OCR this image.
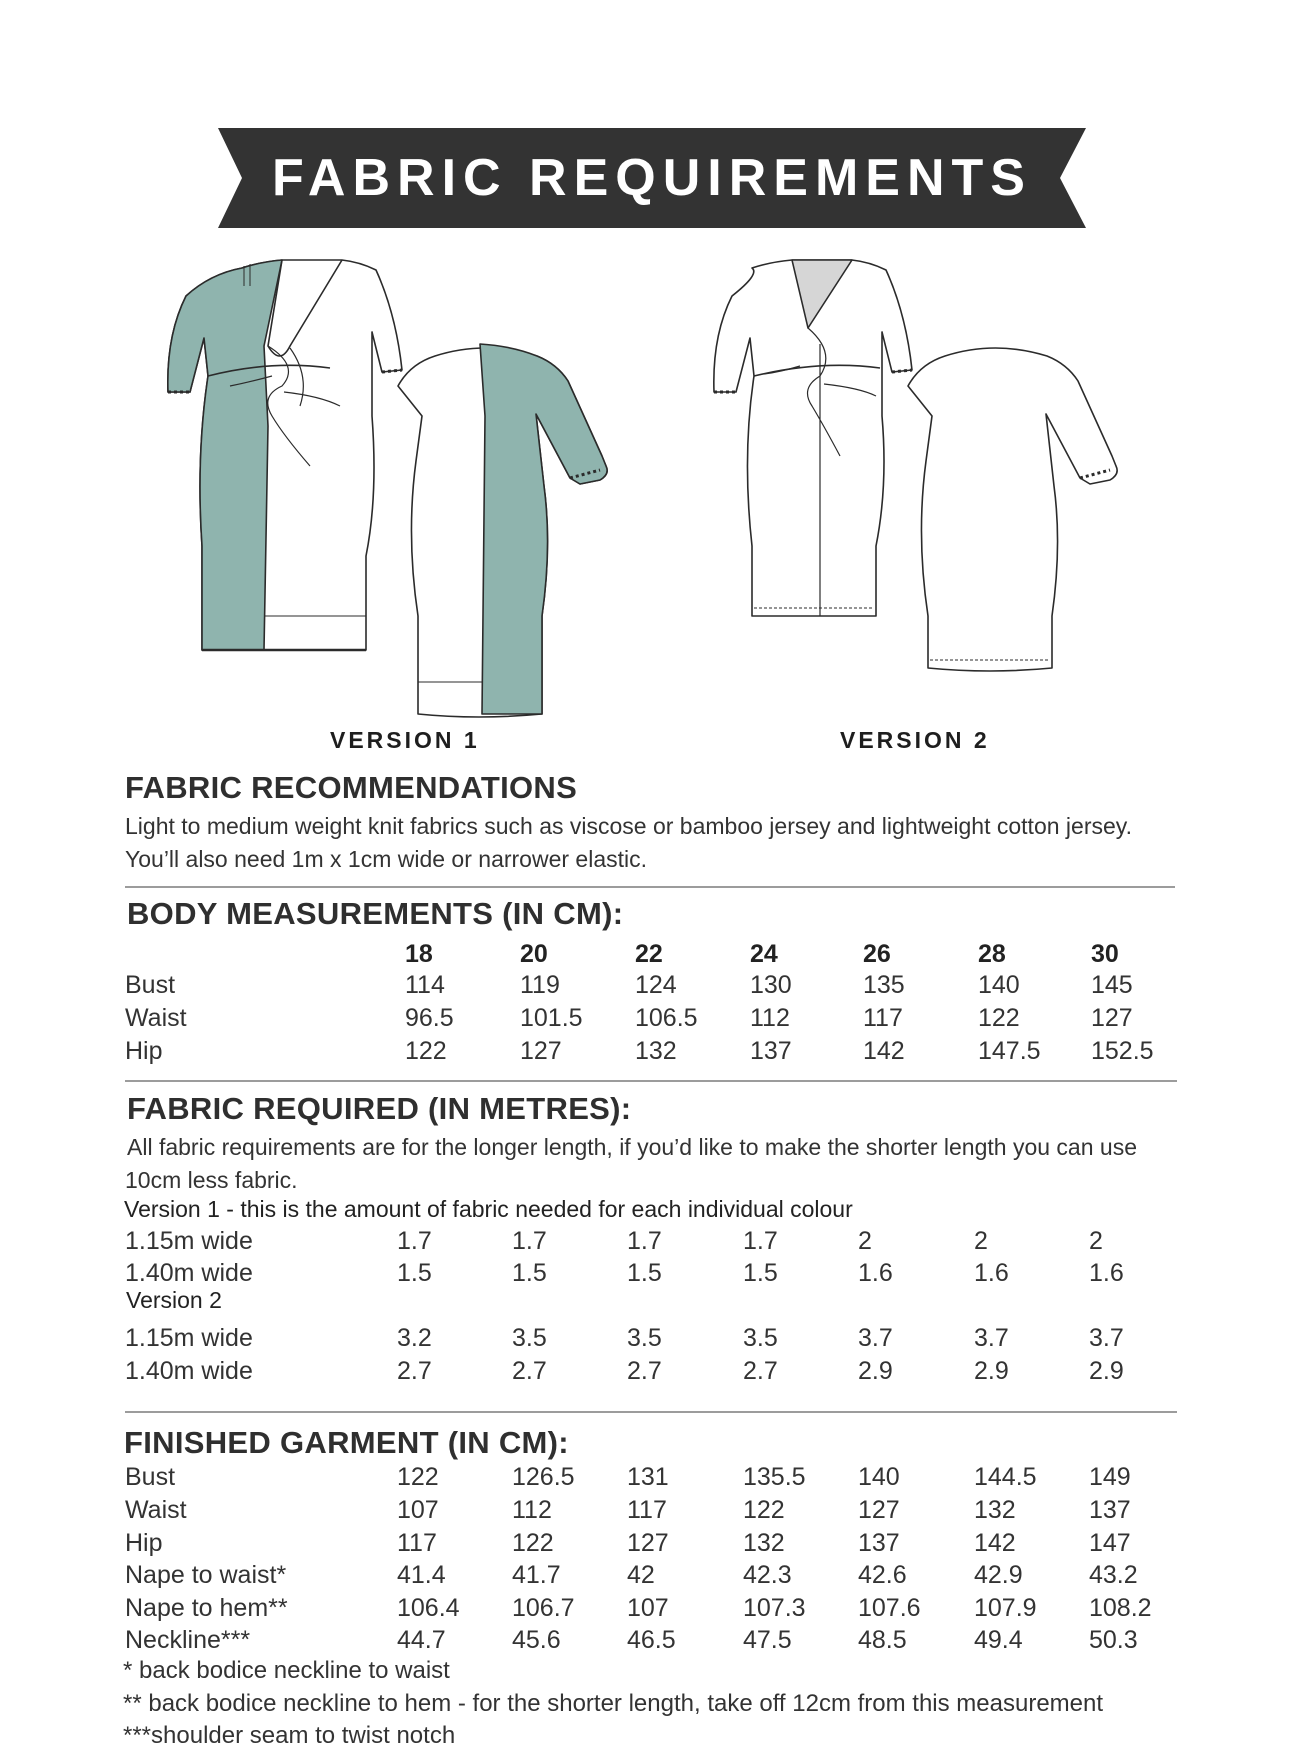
FABRIC REQUIREMENTS
VERSION 1	VERSION 2
FABRIC RECOMMENDATIONS
Light to medium weight knit fabrics such as viscose or bamboo jersey and lightweight cotton jersey.
You’ll also need 1m x 1cm wide or narrower elastic.
BODY MEASUREMENTS (IN CM):
18	20	22	24	26	28	30
Bust	114	119	124	130	135	140	145
Waist	96.5	101.5 106.5 112	117	122	127
Hip	122	127	132	137	142	147.5 152.5
FABRIC REQUIRED (IN METRES):
All fabric requirements are for the longer length, if you’d like to make the shorter length you can use
10cm less fabric.
Version 1 - this is the amount of fabric needed for each individual colour
1.15m wide	1.7	1.7	1.7	1.7	2	2	2
1.40m wide	1.5	1.5	1.5	1.5	1.6	1.6	1.6
Version 2
1.15m wide	3.2	3.5	3.5	3.5	3.7	3.7	3.7
1.40m wide	2.7	2.7	2.7	2.7	2.9	2.9	2.9
FINISHED GARMENT (IN CM):
Bust	122	126.5 131	135.5 140	144.5 149
Waist	107	112	117	122	127	132	137
Hip	117	122	127	132	137	142	147
Nape to waist*	41.4	41.7	42	42.3	42.6	42.9	43.2
Nape to hem**	106.4 106.7 107	107.3 107.6 107.9 108.2
Neckline***	44.7	45.6	46.5	47.5	48.5	49.4	50.3
* back bodice neckline to waist
** back bodice neckline to hem - for the shorter length, take off 12cm from this measurement
***shoulder seam to twist notch
